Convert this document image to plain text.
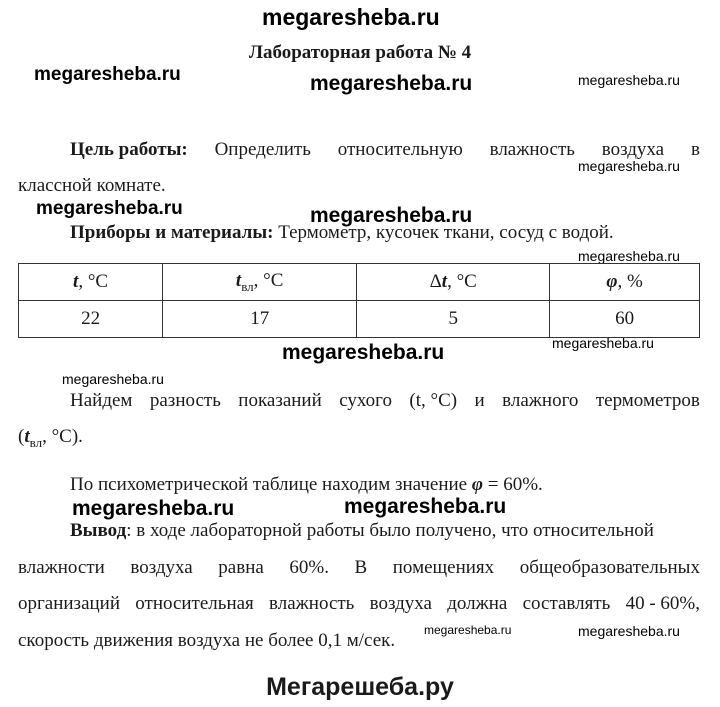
megaresheba.ru
megaresheba.ru	megaresheba.ru	megaresheba.ru
megaresheba.ru
megaresheba.ru	megaresheba.ru
megaresheba.ru
megaresheba.ru	megaresheba.ru
megaresheba.ru
megaresheba.ru	megaresheba.ru
megaresheba.ru	megaresheba.ru
Лабораторная работа № 4
Цель работы: Определить относительную влажность воздуха в
классной комнате.
Приборы и материалы: Термометр, кусочек ткани, сосуд с водой.
t, °C	$t_{вл}$, °C	Δt, °C	φ, %
22	17	5	60
Найдем разность показаний сухого (t, °C) и влажного термометров
($t_{вл}$, °C).
По психометрической таблице находим значение φ = 60%.
Вывод: в ходе лабораторной работы было получено, что относительной
влажности воздуха равна 60%. В помещениях общеобразовательных
организаций относительная влажность воздуха должна составлять 40 - 60%,
скорость движения воздуха не более 0,1 м/сек.
Мегарешеба.ру
